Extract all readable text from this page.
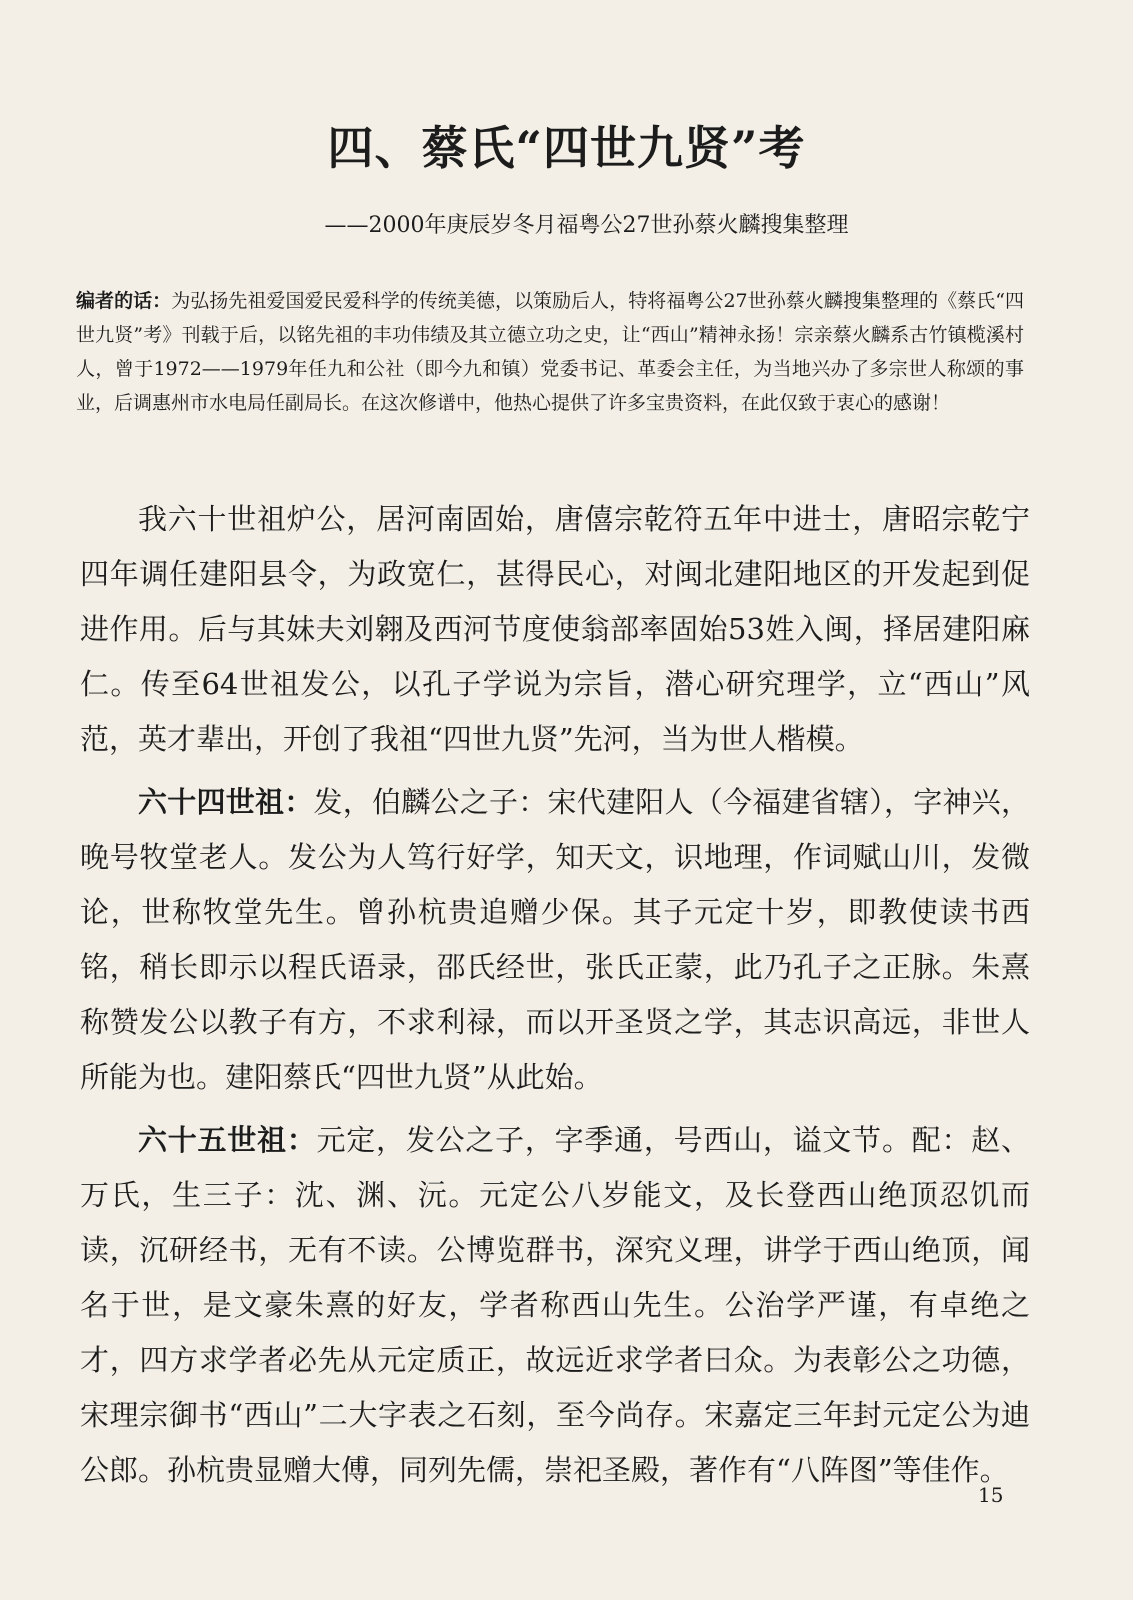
四、蔡氏“四世九贤”考
——2000年庚辰岁冬月福粤公27世孙蔡火麟搜集整理
编者的话：为弘扬先祖爱国爱民爱科学的传统美德，以策励后人，特将福粤公27世孙蔡火麟搜集整理的《蔡氏“四世九贤”考》刊载于后，以铭先祖的丰功伟绩及其立德立功之史，让“西山”精神永扬！宗亲蔡火麟系古竹镇榄溪村人，曾于1972——1979年任九和公社（即今九和镇）党委书记、革委会主任，为当地兴办了多宗世人称颂的事业，后调惠州市水电局任副局长。在这次修谱中，他热心提供了许多宝贵资料，在此仅致于衷心的感谢！

我六十世祖炉公，居河南固始，唐僖宗乾符五年中进士，唐昭宗乾宁四年调任建阳县令，为政宽仁，甚得民心，对闽北建阳地区的开发起到促进作用。后与其妹夫刘翱及西河节度使翁部率固始53姓入闽，择居建阳麻仁。传至64世祖发公，以孔子学说为宗旨，潜心研究理学，立“西山”风范，英才辈出，开创了我祖“四世九贤”先河，当为世人楷模。

六十四世祖：发，伯麟公之子：宋代建阳人（今福建省辖），字神兴，晚号牧堂老人。发公为人笃行好学，知天文，识地理，作词赋山川，发微论，世称牧堂先生。曾孙杭贵追赠少保。其子元定十岁，即教使读书西铭，稍长即示以程氏语录，邵氏经世，张氏正蒙，此乃孔子之正脉。朱熹称赞发公以教子有方，不求利禄，而以开圣贤之学，其志识高远，非世人所能为也。建阳蔡氏“四世九贤”从此始。

六十五世祖：元定，发公之子，字季通，号西山，谥文节。配：赵、万氏，生三子：沈、渊、沅。元定公八岁能文，及长登西山绝顶忍饥而读，沉研经书，无有不读。公博览群书，深究义理，讲学于西山绝顶，闻名于世，是文豪朱熹的好友，学者称西山先生。公治学严谨，有卓绝之才，四方求学者必先从元定质正，故远近求学者曰众。为表彰公之功德，宋理宗御书“西山”二大字表之石刻，至今尚存。宋嘉定三年封元定公为迪公郎。孙杭贵显赠大傅，同列先儒，崇祀圣殿，著作有“八阵图”等佳作。

15
